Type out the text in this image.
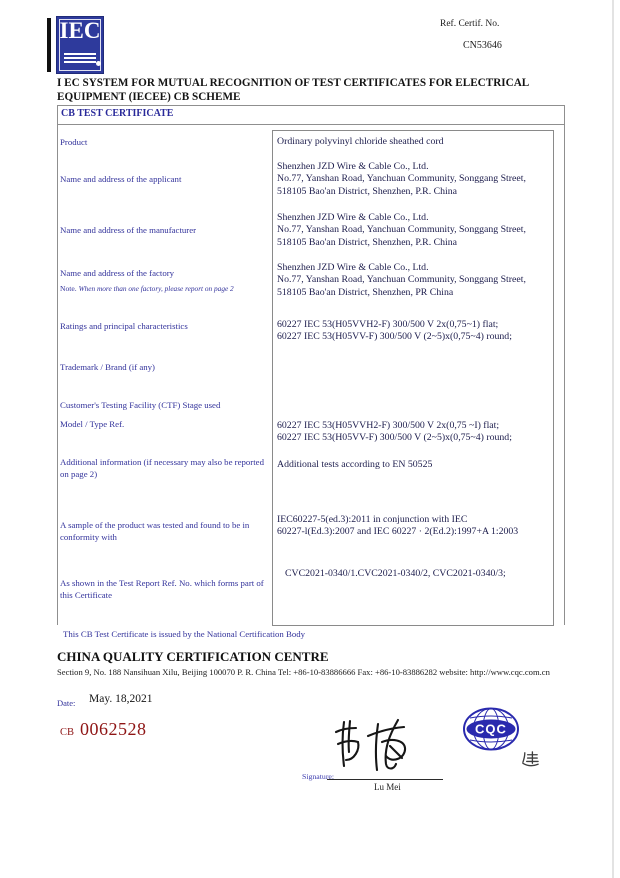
IEC	Ref. Certif. No.
CN53646
I EC SYSTEM FOR MUTUAL RECOGNITION OF TEST CERTIFICATES FOR ELECTRICAL EQUIPMENT (IECEE) CB SCHEME
CB TEST CERTIFICATE
Product
Name and address of the applicant
Name and address of the manufacturer
Name and address of the factory
Note. When more than one factory, please report on page 2
Ratings and principal characteristics
Trademark / Brand (if any)
Customer's Testing Facility (CTF) Stage used
Model / Type Ref.
Additional information (if necessary may also be reported on page 2)
A sample of the product was tested and found to be in conformity with
As shown in the Test Report Ref. No. which forms part of this Certificate
Ordinary polyvinyl chloride sheathed cord
Shenzhen JZD Wire & Cable Co., Ltd.
No.77, Yanshan Road, Yanchuan Community, Songgang Street,
518105 Bao'an District, Shenzhen, P.R. China
Shenzhen JZD Wire & Cable Co., Ltd.
No.77, Yanshan Road, Yanchuan Community, Songgang Street,
518105 Bao'an District, Shenzhen, P.R. China
Shenzhen JZD Wire & Cable Co., Ltd.
No.77, Yanshan Road, Yanchuan Community, Songgang Street,
518105 Bao'an District, Shenzhen, PR China
60227 IEC 53(H05VVH2-F) 300/500 V 2x(0,75~1) flat;
60227 IEC 53(H05VV-F) 300/500 V (2~5)x(0,75~4) round;
60227 IEC 53(H05VVH2-F) 300/500 V 2x(0,75 ~I) flat;
60227 IEC 53(H05VV-F) 300/500 V (2~5)x(0,75~4) round;
Additional tests according to EN 50525
IEC60227-5(ed.3):2011 in conjunction with IEC
60227-l(Ed.3):2007 and IEC 60227 · 2(Ed.2):1997+A 1:2003
CVC2021-0340/1.CVC2021-0340/2, CVC2021-0340/3;
This CB Test Certificate is issued by the National Certification Body
CHINA QUALITY CERTIFICATION CENTRE
Section 9, No. 188 Nansihuan Xilu, Beijing 100070 P. R. China Tel: +86-10-83886666 Fax: +86-10-83886282 website: http://www.cqc.com.cn
Date: May. 18,2021
CB 0062528
Signature:
Lu Mei
CQC
